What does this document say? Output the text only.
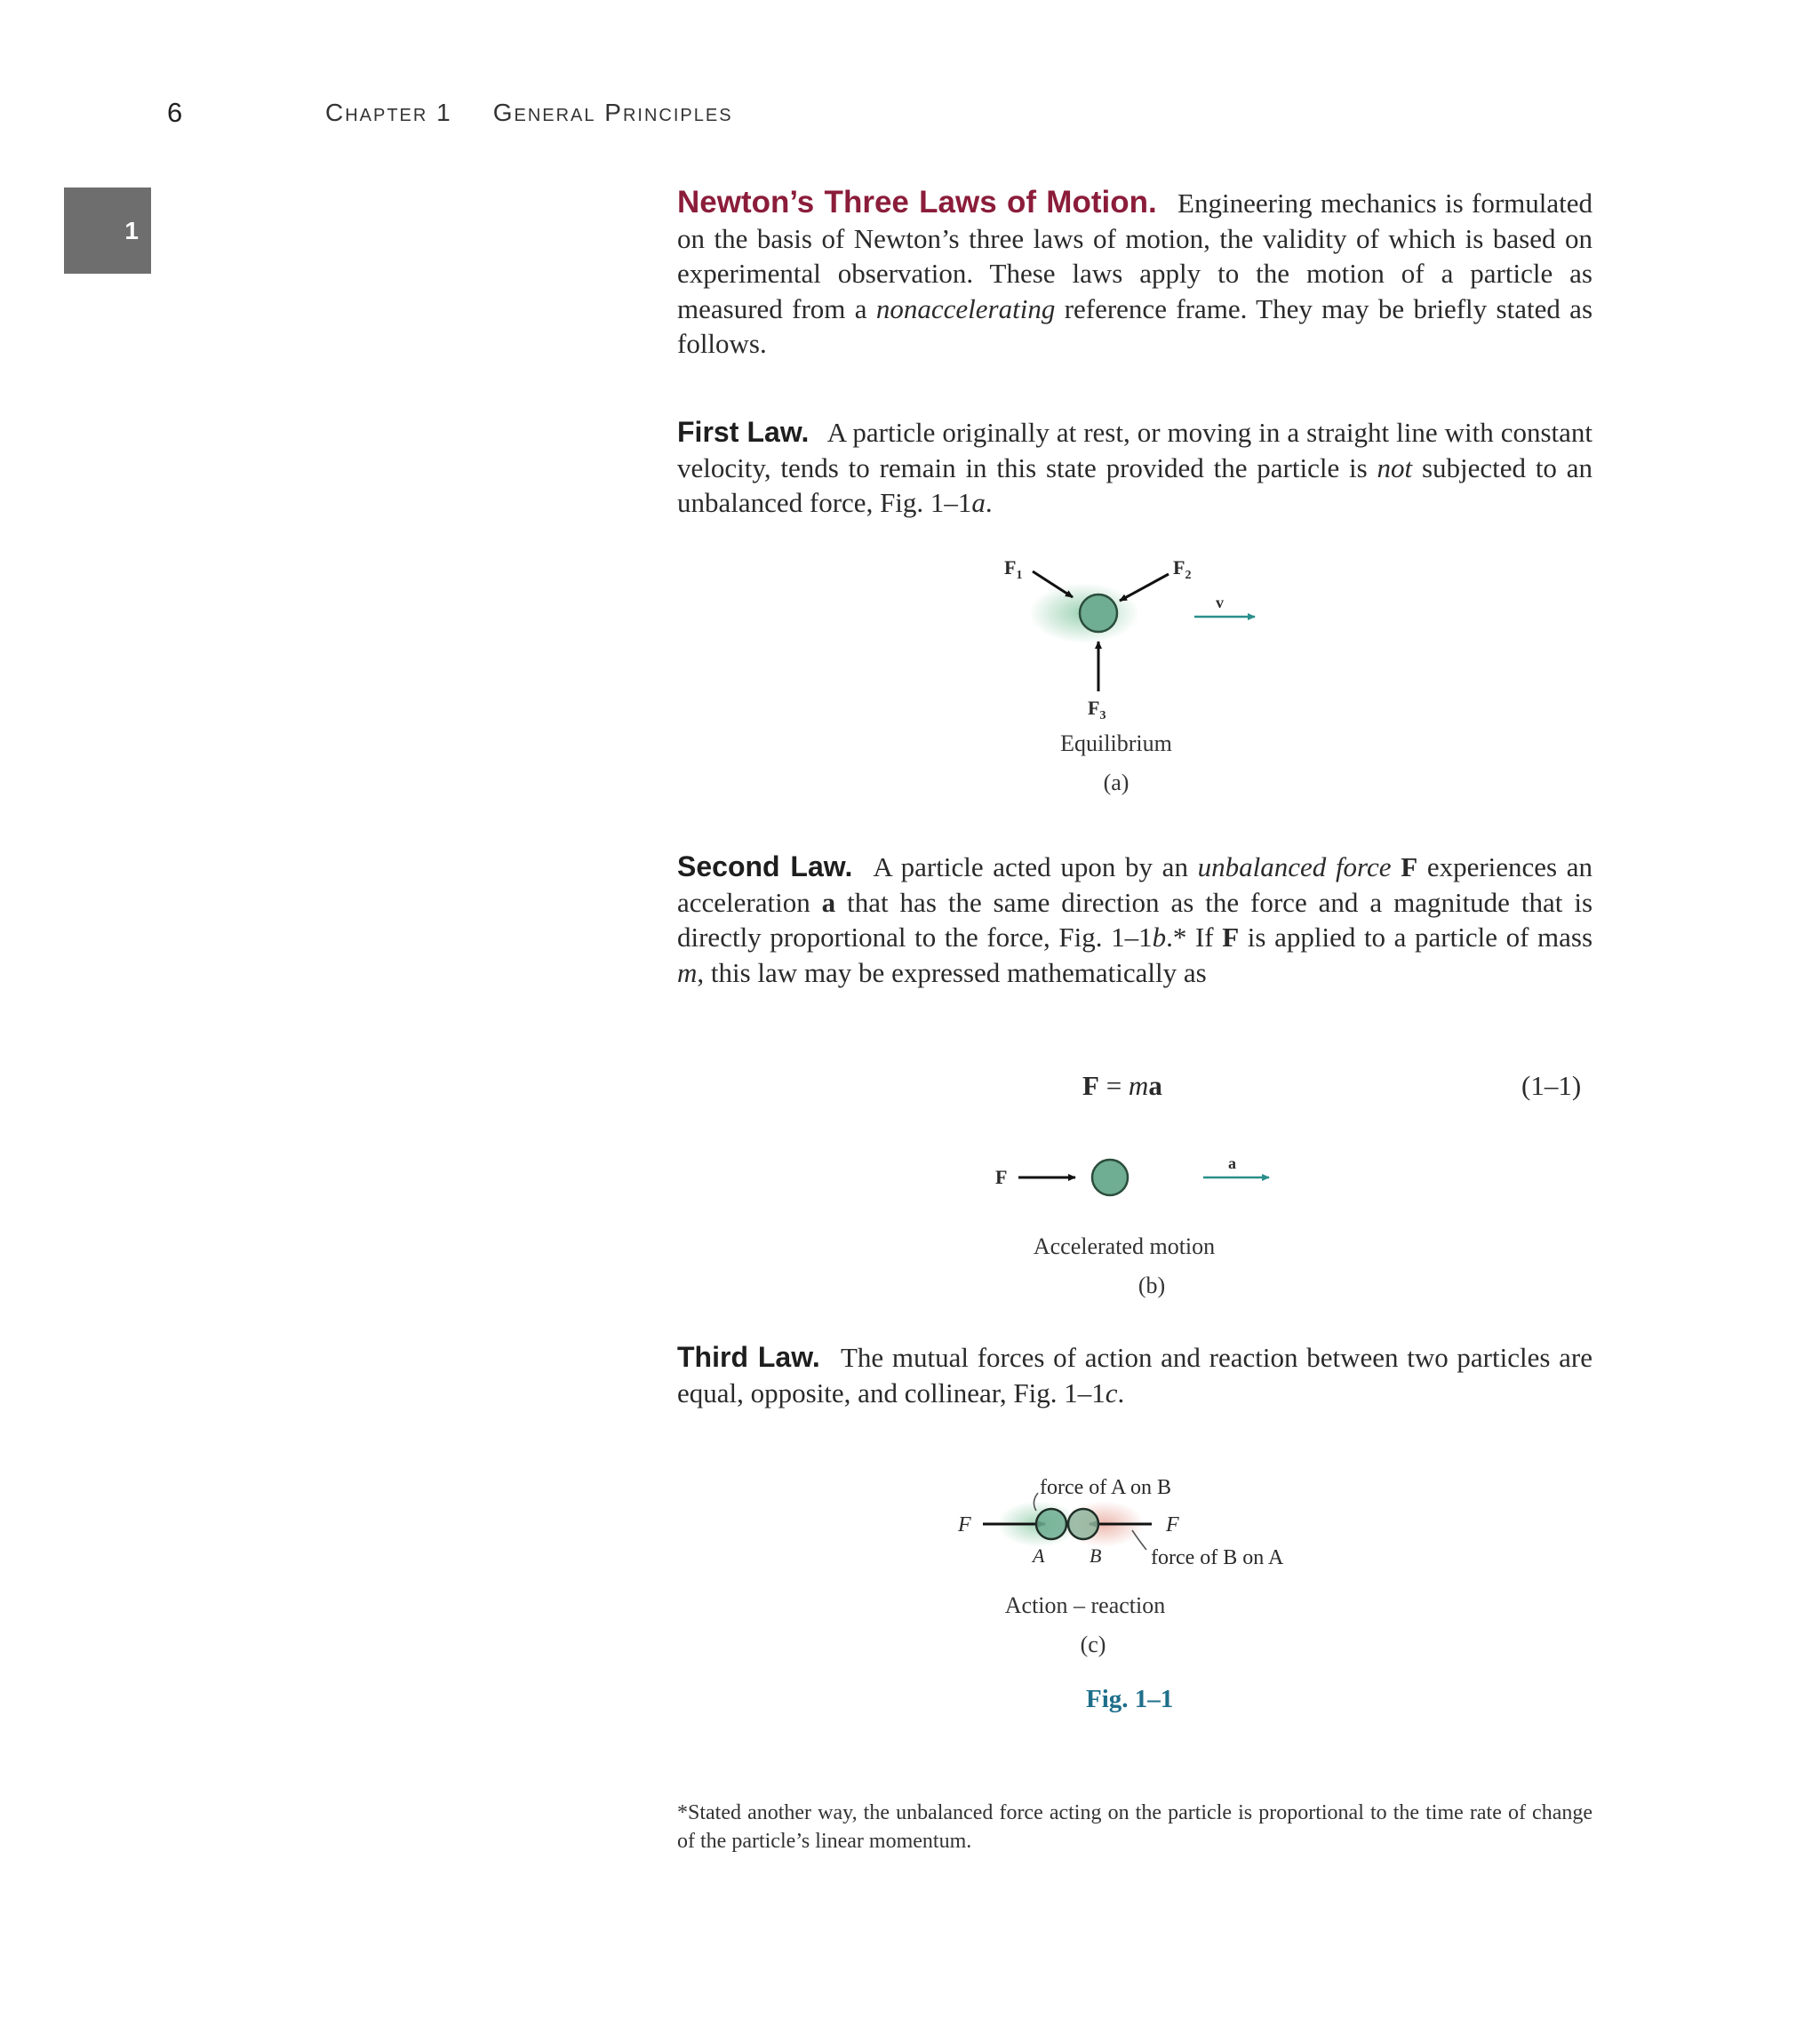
6	Chapter 1 General Principles
1

Newton’s Three Laws of Motion. Engineering mechanics is formulated on the basis of Newton’s three laws of motion, the validity of which is based on experimental observation. These laws apply to the motion of a particle as measured from a nonaccelerating reference frame. They may be briefly stated as follows.

First Law. A particle originally at rest, or moving in a straight line with constant velocity, tends to remain in this state provided the particle is not subjected to an unbalanced force, Fig. 1–1a.

$F_1$	$F_2$
$F_3$
v
Equilibrium
(a)

Second Law. A particle acted upon by an unbalanced force F experiences an acceleration a that has the same direction as the force and a magnitude that is directly proportional to the force, Fig. 1–1b.* If F is applied to a particle of mass m, this law may be expressed mathematically as

F = ma	(1–1)
F
a
Accelerated motion
(b)

Third Law. The mutual forces of action and reaction between two particles are equal, opposite, and collinear, Fig. 1–1c.

force of A on B
force of B on A
F	F
A B
Action – reaction
(c)
Fig. 1–1
*Stated another way, the unbalanced force acting on the particle is proportional to the time rate of change of the particle’s linear momentum.
